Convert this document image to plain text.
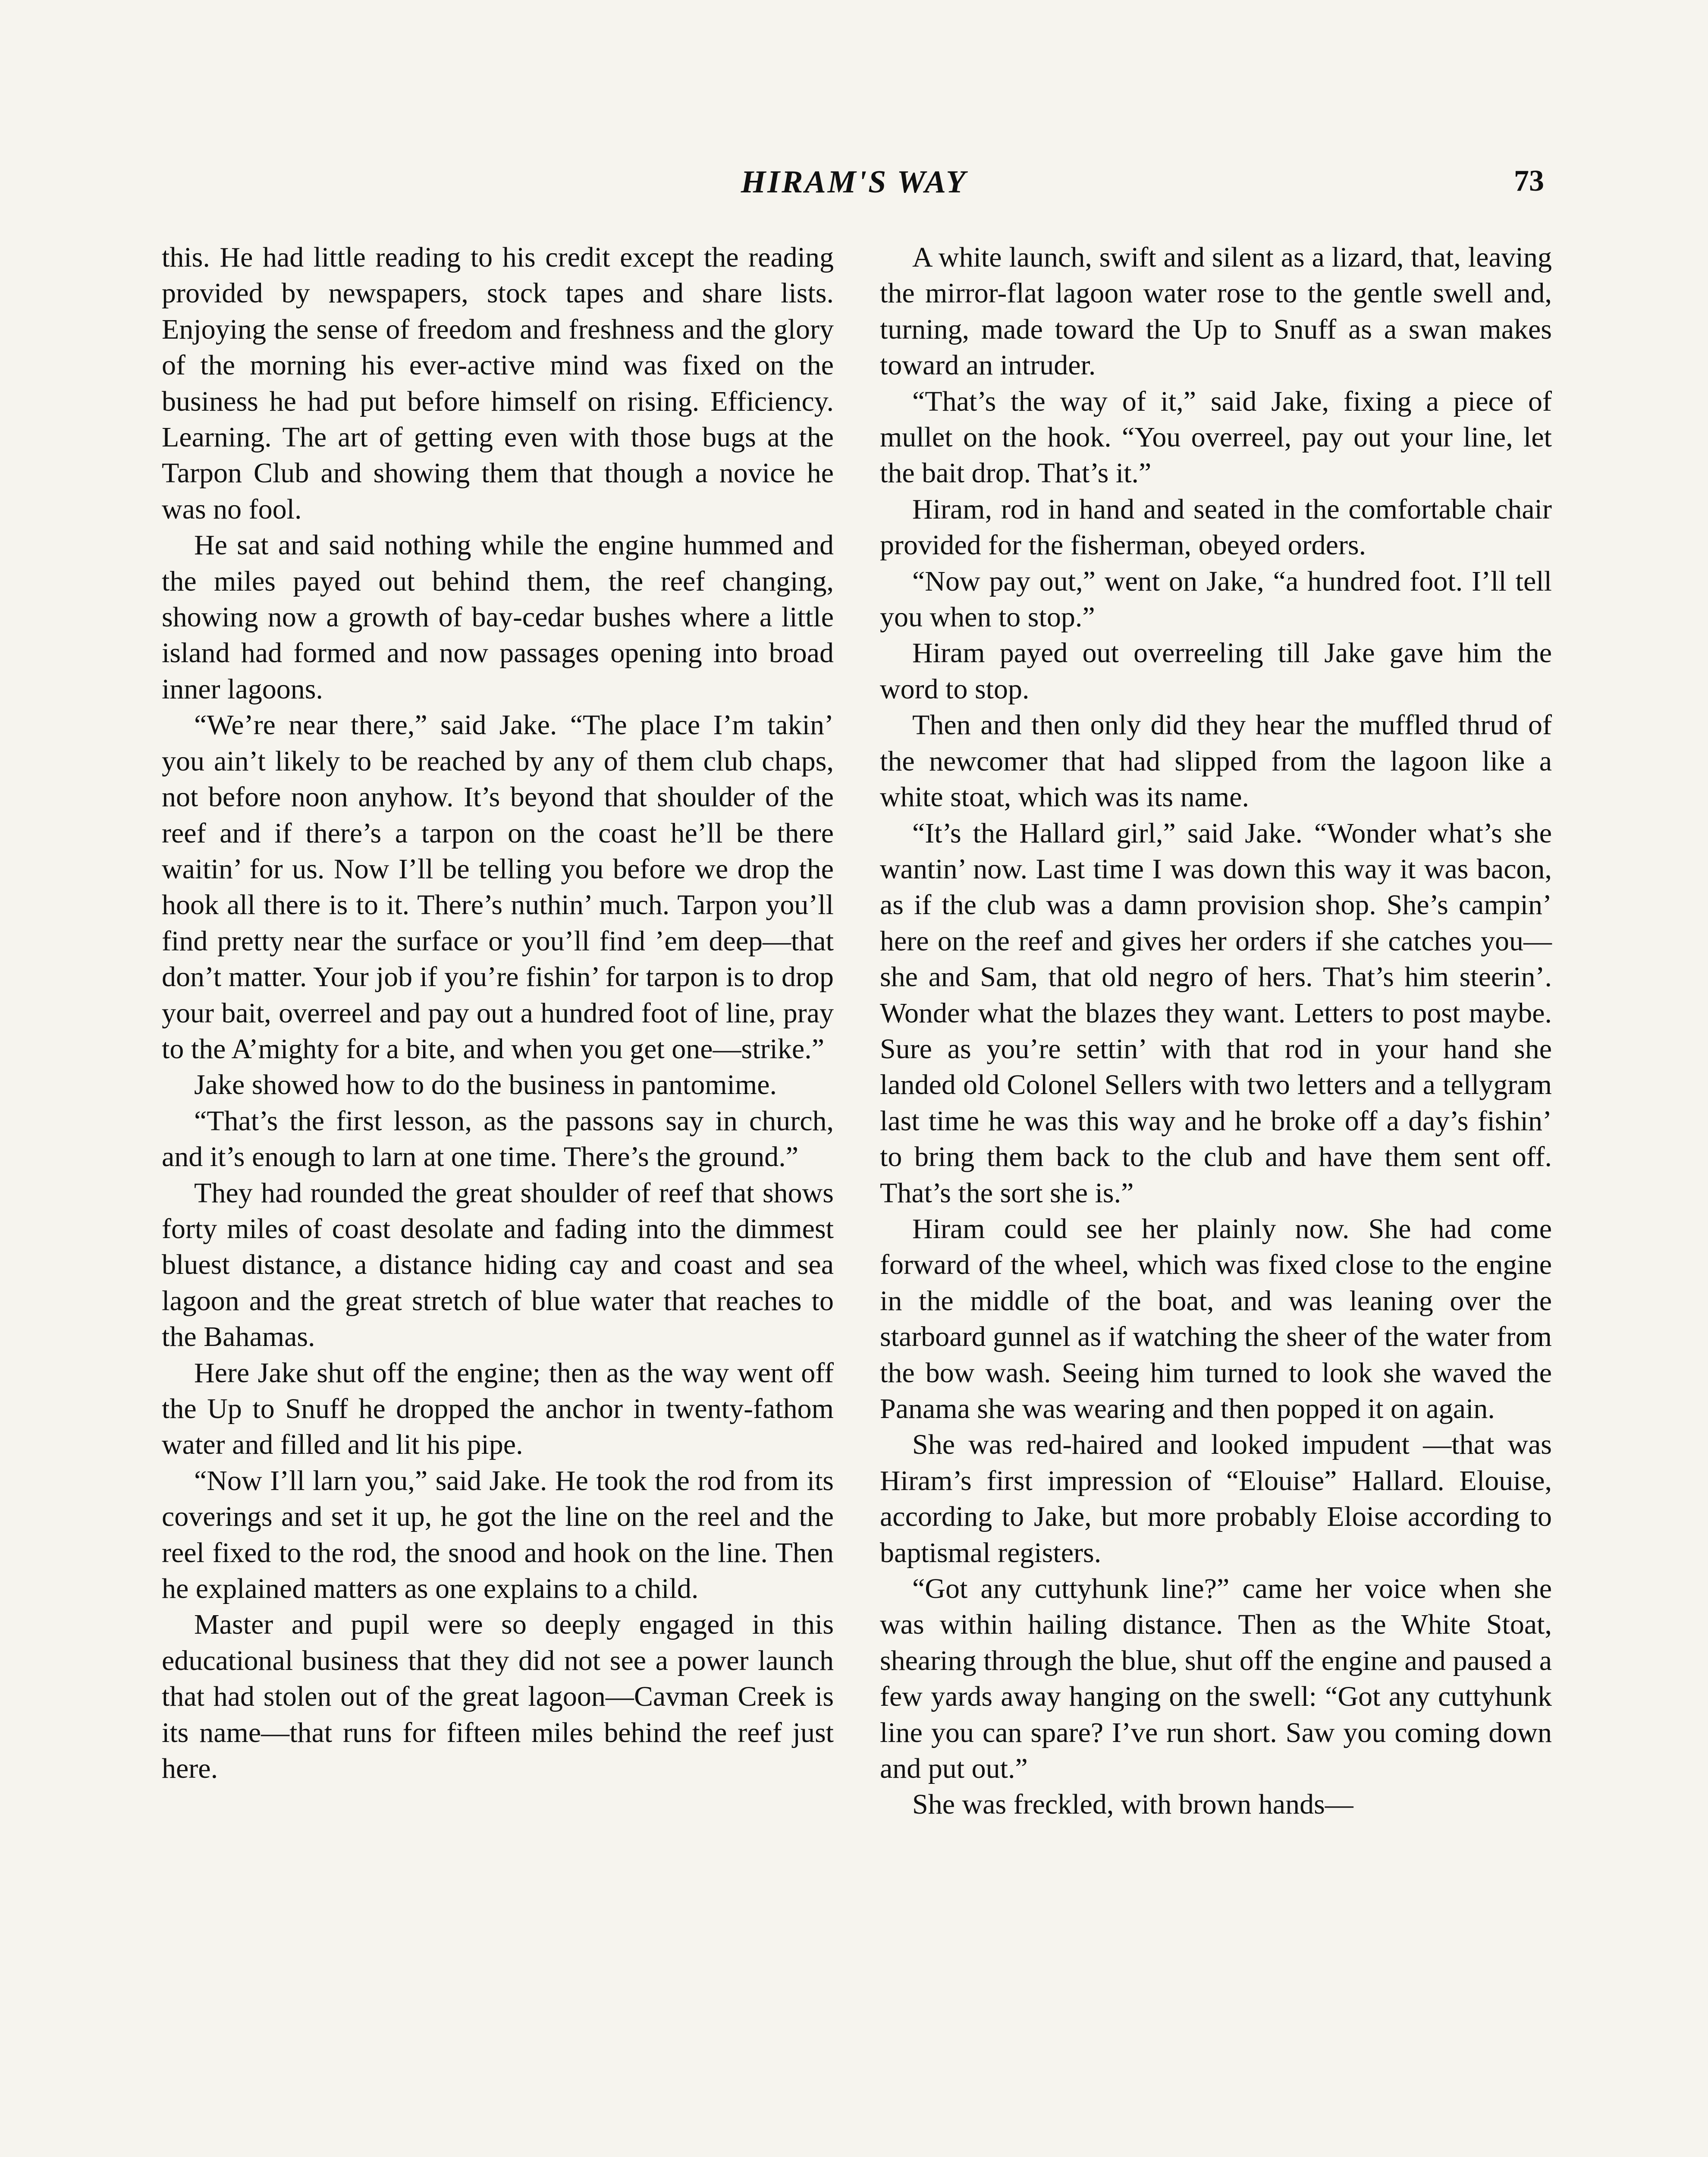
HIRAM'S WAY	73

this. He had little reading to his credit except the reading provided by newspapers, stock tapes and share lists. Enjoying the sense of freedom and freshness and the glory of the morning his ever-active mind was fixed on the business he had put before himself on rising. Efficiency. Learning. The art of getting even with those bugs at the Tarpon Club and showing them that though a novice he was no fool.

He sat and said nothing while the engine hummed and the miles payed out behind them, the reef changing, showing now a growth of bay-cedar bushes where a little island had formed and now passages opening into broad inner lagoons.

“We’re near there,” said Jake. “The place I’m takin’ you ain’t likely to be reached by any of them club chaps, not before noon anyhow. It’s beyond that shoulder of the reef and if there’s a tarpon on the coast he’ll be there waitin’ for us. Now I’ll be telling you before we drop the hook all there is to it. There’s nuthin’ much. Tarpon you’ll find pretty near the surface or you’ll find ’em deep—that don’t matter. Your job if you’re fishin’ for tarpon is to drop your bait, overreel and pay out a hundred foot of line, pray to the A’mighty for a bite, and when you get one—strike.”

Jake showed how to do the business in pantomime.

“That’s the first lesson, as the passons say in church, and it’s enough to larn at one time. There’s the ground.”

They had rounded the great shoulder of reef that shows forty miles of coast desolate and fading into the dimmest bluest distance, a distance hiding cay and coast and sea lagoon and the great stretch of blue water that reaches to the Bahamas.

Here Jake shut off the engine; then as the way went off the Up to Snuff he dropped the anchor in twenty-fathom water and filled and lit his pipe.

“Now I’ll larn you,” said Jake. He took the rod from its coverings and set it up, he got the line on the reel and the reel fixed to the rod, the snood and hook on the line. Then he explained matters as one explains to a child.

Master and pupil were so deeply engaged in this educational business that they did not see a power launch that had stolen out of the great lagoon—Cavman Creek is its name—that runs for fifteen miles behind the reef just here.

A white launch, swift and silent as a lizard, that, leaving the mirror-flat lagoon water rose to the gentle swell and, turning, made toward the Up to Snuff as a swan makes toward an intruder.

“That’s the way of it,” said Jake, fixing a piece of mullet on the hook. “You overreel, pay out your line, let the bait drop. That’s it.”

Hiram, rod in hand and seated in the comfortable chair provided for the fisherman, obeyed orders.

“Now pay out,” went on Jake, “a hundred foot. I’ll tell you when to stop.”

Hiram payed out overreeling till Jake gave him the word to stop.

Then and then only did they hear the muffled thrud of the newcomer that had slipped from the lagoon like a white stoat, which was its name.

“It’s the Hallard girl,” said Jake. “Wonder what’s she wantin’ now. Last time I was down this way it was bacon, as if the club was a damn provision shop. She’s campin’ here on the reef and gives her orders if she catches you—she and Sam, that old negro of hers. That’s him steerin’. Wonder what the blazes they want. Letters to post maybe. Sure as you’re settin’ with that rod in your hand she landed old Colonel Sellers with two letters and a tellygram last time he was this way and he broke off a day’s fishin’ to bring them back to the club and have them sent off. That’s the sort she is.”

Hiram could see her plainly now. She had come forward of the wheel, which was fixed close to the engine in the middle of the boat, and was leaning over the starboard gunnel as if watching the sheer of the water from the bow wash. Seeing him turned to look she waved the Panama she was wearing and then popped it on again.

She was red-haired and looked impudent —that was Hiram’s first impression of “Elouise” Hallard. Elouise, according to Jake, but more probably Eloise according to baptismal registers.

“Got any cuttyhunk line?” came her voice when she was within hailing distance. Then as the White Stoat, shearing through the blue, shut off the engine and paused a few yards away hanging on the swell: “Got any cuttyhunk line you can spare? I’ve run short. Saw you coming down and put out.”

She was freckled, with brown hands—
